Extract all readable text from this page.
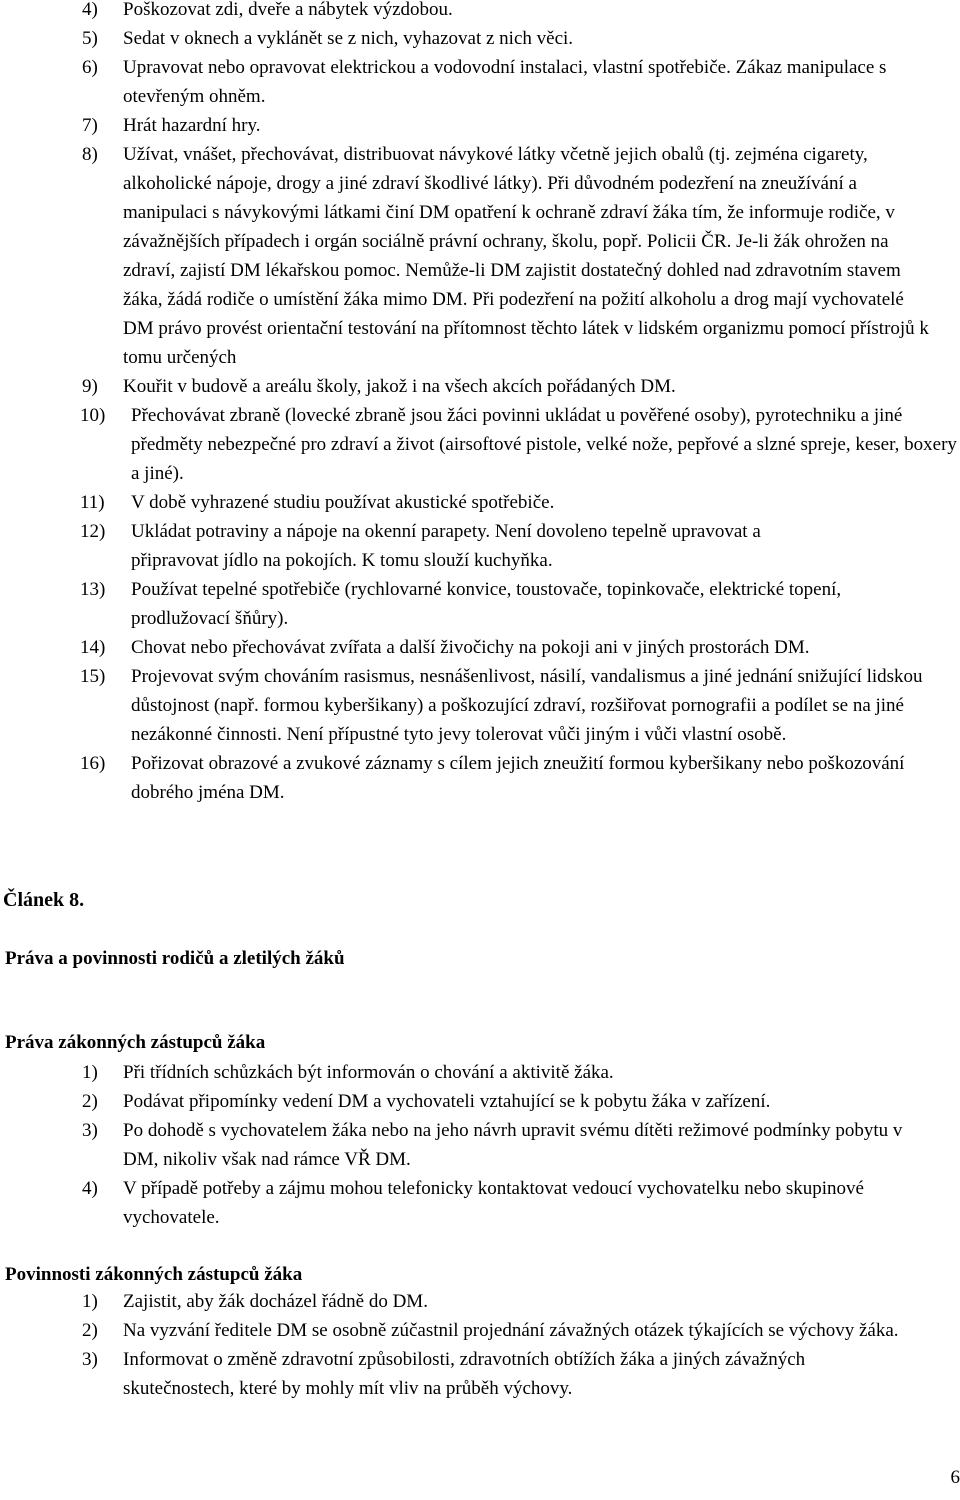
4) Poškozovat zdi, dveře a nábytek výzdobou.
5) Sedat v oknech a vyklánět se z nich, vyhazovat z nich věci.
6) Upravovat nebo opravovat elektrickou a vodovodní instalaci, vlastní spotřebiče. Zákaz manipulace s otevřeným ohněm.
7) Hrát hazardní hry.
8) Užívat, vnášet, přechovávat, distribuovat návykové látky včetně jejich obalů (tj. zejména cigarety, alkoholické nápoje, drogy a jiné zdraví škodlivé látky). Při důvodném podezření na zneužívání a manipulaci s návykovými látkami činí DM opatření k ochraně zdraví žáka tím, že informuje rodiče, v závažnějších případech i orgán sociálně právní ochrany, školu, popř. Policii ČR. Je-li žák ohrožen na zdraví, zajistí DM lékařskou pomoc. Nemůže-li DM zajistit dostatečný dohled nad zdravotním stavem žáka, žádá rodiče o umístění žáka mimo DM. Při podezření na požití alkoholu a drog mají vychovatelé DM právo provést orientační testování na přítomnost těchto látek v lidském organizmu pomocí přístrojů k tomu určených
9) Kouřit v budově a areálu školy, jakož i na všech akcích pořádaných DM.
10) Přechovávat zbraně (lovecké zbraně jsou žáci povinni ukládat u pověřené osoby), pyrotechniku a jiné předměty nebezpečné pro zdraví a život (airsoftové pistole, velké nože, pepřové a slzné spreje, keser, boxery a jiné).
11) V době vyhrazené studiu používat akustické spotřebiče.
12) Ukládat potraviny a nápoje na okenní parapety. Není dovoleno tepelně upravovat a připravovat jídlo na pokojích. K tomu slouží kuchyňka.
13) Používat tepelné spotřebiče (rychlovarné konvice, toustovače, topinkovače, elektrické topení, prodlužovací šňůry).
14) Chovat nebo přechovávat zvířata a další živočichy na pokoji ani v jiných prostorách DM.
15) Projevovat svým chováním rasismus, nesnášenlivost, násilí, vandalismus a jiné jednání snižující lidskou důstojnost (např. formou kyberšikany) a poškozující zdraví, rozšiřovat pornografii a podílet se na jiné nezákonné činnosti. Není přípustné tyto jevy tolerovat vůči jiným i vůči vlastní osobě.
16) Pořizovat obrazové a zvukové záznamy s cílem jejich zneužití formou kyberšikany nebo poškozování dobrého jména DM.
Článek 8.
Práva a povinnosti rodičů a zletilých žáků
Práva zákonných zástupců žáka
1) Při třídních schůzkách být informován o chování a aktivitě žáka.
2) Podávat připomínky vedení DM a vychovateli vztahující se k pobytu žáka v zařízení.
3) Po dohodě s vychovatelem žáka nebo na jeho návrh upravit svému dítěti režimové podmínky pobytu v DM, nikoliv však nad rámce VŘ DM.
4) V případě potřeby a zájmu mohou telefonicky kontaktovat vedoucí vychovatelku nebo skupinové vychovatele.
Povinnosti zákonných zástupců žáka
1) Zajistit, aby žák docházel řádně do DM.
2) Na vyzvání ředitele DM se osobně zúčastnil projednání závažných otázek týkajících se výchovy žáka.
3) Informovat o změně zdravotní způsobilosti, zdravotních obtížích žáka a jiných závažných skutečnostech, které by mohly mít vliv na průběh výchovy.
6
